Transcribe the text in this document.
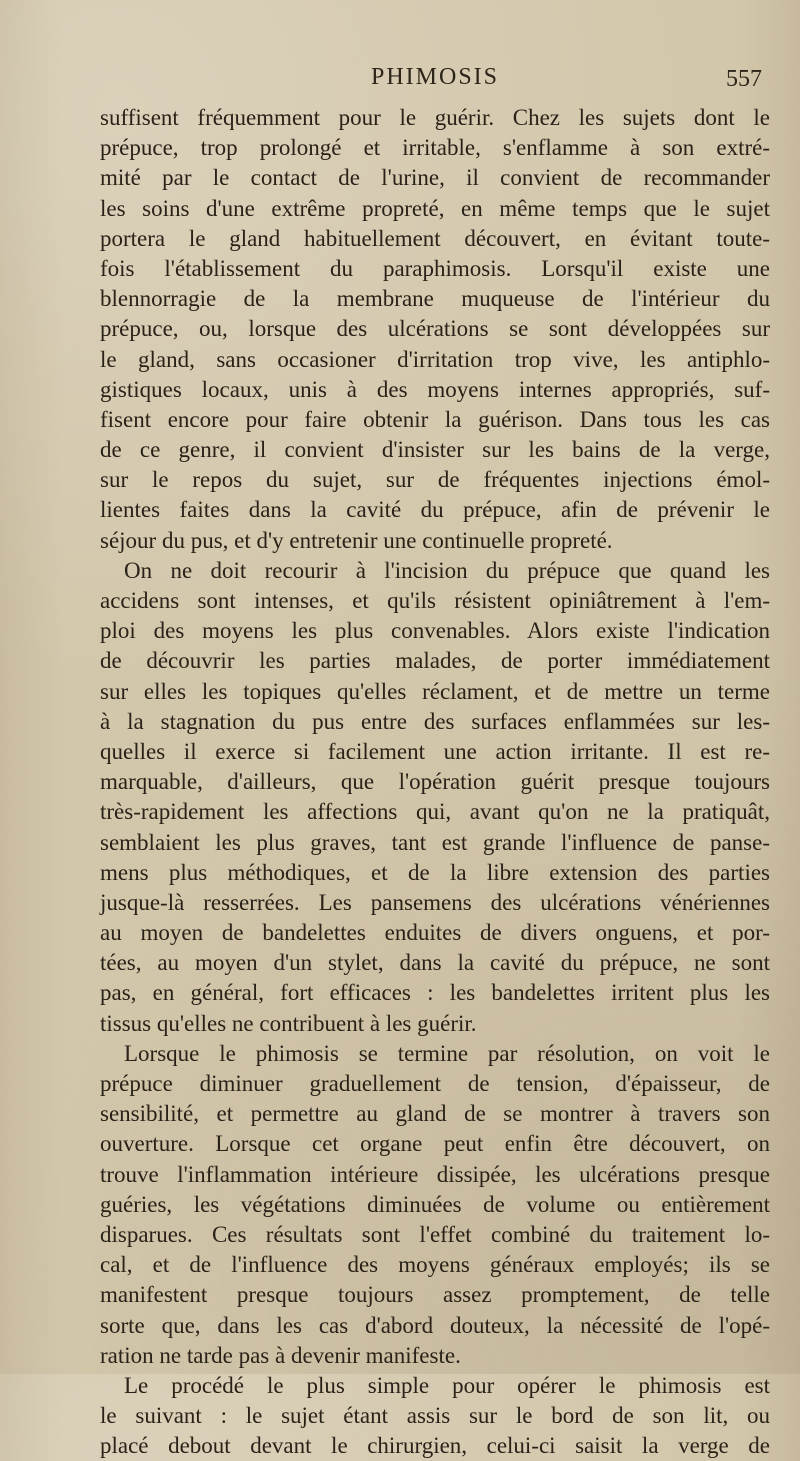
PHIMOSIS	557
suffisent fréquemment pour le guérir. Chez les sujets dont le
prépuce, trop prolongé et irritable, s'enflamme à son extré-
mité par le contact de l'urine, il convient de recommander
les soins d'une extrême propreté, en même temps que le sujet
portera le gland habituellement découvert, en évitant toute-
fois l'établissement du paraphimosis. Lorsqu'il existe une
blennorragie de la membrane muqueuse de l'intérieur du
prépuce, ou, lorsque des ulcérations se sont développées sur
le gland, sans occasioner d'irritation trop vive, les antiphlo-
gistiques locaux, unis à des moyens internes appropriés, suf-
fisent encore pour faire obtenir la guérison. Dans tous les cas
de ce genre, il convient d'insister sur les bains de la verge,
sur le repos du sujet, sur de fréquentes injections émol-
lientes faites dans la cavité du prépuce, afin de prévenir le
séjour du pus, et d'y entretenir une continuelle propreté.
On ne doit recourir à l'incision du prépuce que quand les
accidens sont intenses, et qu'ils résistent opiniâtrement à l'em-
ploi des moyens les plus convenables. Alors existe l'indication
de découvrir les parties malades, de porter immédiatement
sur elles les topiques qu'elles réclament, et de mettre un terme
à la stagnation du pus entre des surfaces enflammées sur les-
quelles il exerce si facilement une action irritante. Il est re-
marquable, d'ailleurs, que l'opération guérit presque toujours
très-rapidement les affections qui, avant qu'on ne la pratiquât,
semblaient les plus graves, tant est grande l'influence de panse-
mens plus méthodiques, et de la libre extension des parties
jusque-là resserrées. Les pansemens des ulcérations vénériennes
au moyen de bandelettes enduites de divers onguens, et por-
tées, au moyen d'un stylet, dans la cavité du prépuce, ne sont
pas, en général, fort efficaces : les bandelettes irritent plus les
tissus qu'elles ne contribuent à les guérir.
Lorsque le phimosis se termine par résolution, on voit le
prépuce diminuer graduellement de tension, d'épaisseur, de
sensibilité, et permettre au gland de se montrer à travers son
ouverture. Lorsque cet organe peut enfin être découvert, on
trouve l'inflammation intérieure dissipée, les ulcérations presque
guéries, les végétations diminuées de volume ou entièrement
disparues. Ces résultats sont l'effet combiné du traitement lo-
cal, et de l'influence des moyens généraux employés; ils se
manifestent presque toujours assez promptement, de telle
sorte que, dans les cas d'abord douteux, la nécessité de l'opé-
ration ne tarde pas à devenir manifeste.
Le procédé le plus simple pour opérer le phimosis est
le suivant : le sujet étant assis sur le bord de son lit, ou
placé debout devant le chirurgien, celui-ci saisit la verge de
